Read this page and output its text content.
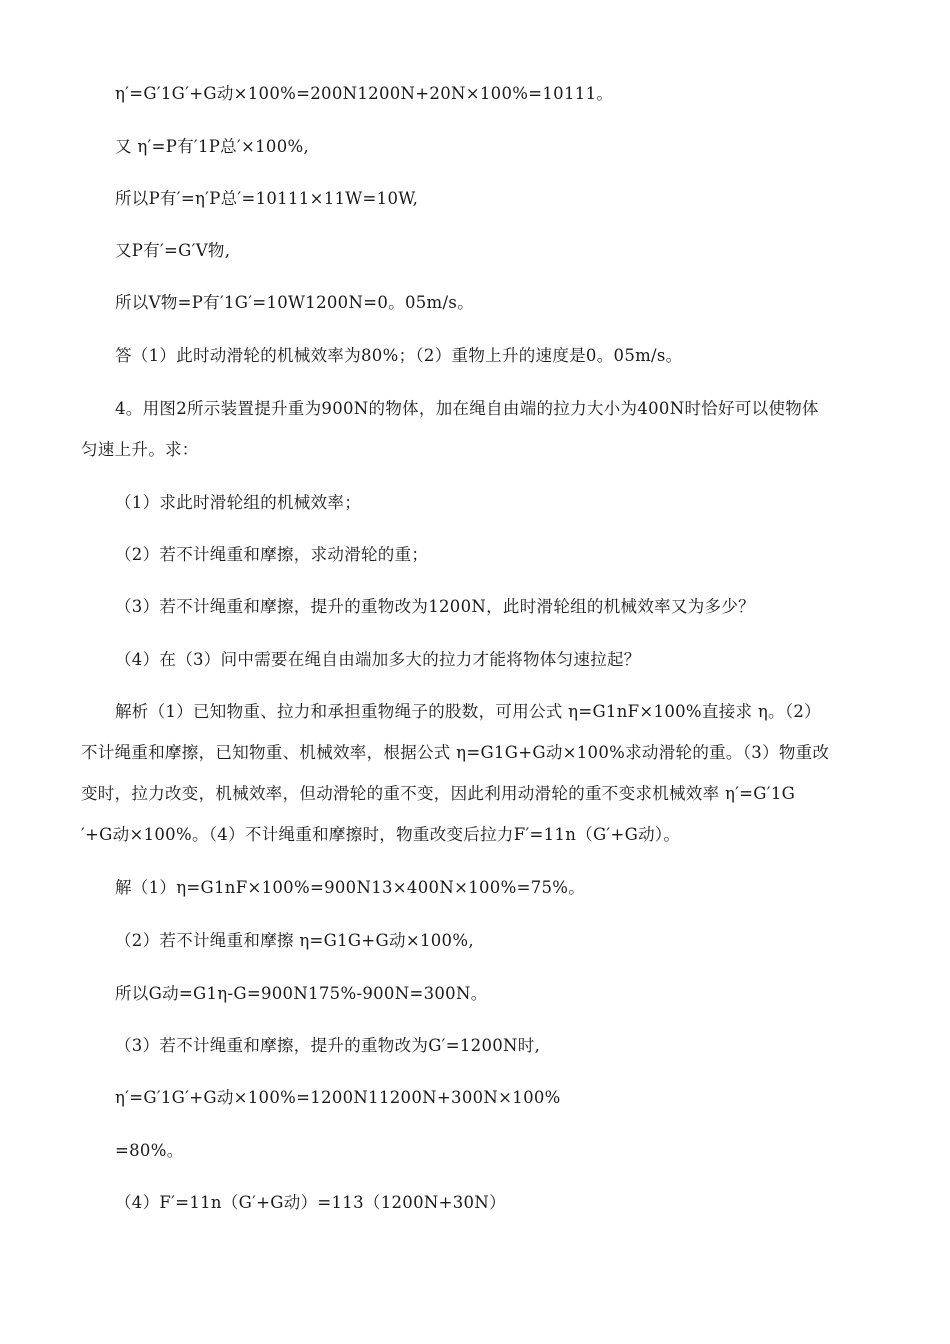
η′=G′1G′+G动×100%=200N1200N+20N×100%=10111。
又 η′=P有′1P总′×100%,
所以P有′=η′P总′=10111×11W=10W,
又P有′=G′V物,
所以V物=P有′1G′=10W1200N=0。05m/s。
答（1）此时动滑轮的机械效率为80%；（2）重物上升的速度是0。05m/s。
4。用图2所示装置提升重为900N的物体，加在绳自由端的拉力大小为400N时恰好可以使物体
匀速上升。求：
（1）求此时滑轮组的机械效率；
（2）若不计绳重和摩擦，求动滑轮的重；
（3）若不计绳重和摩擦，提升的重物改为1200N，此时滑轮组的机械效率又为多少？
（4）在（3）问中需要在绳自由端加多大的拉力才能将物体匀速拉起？
解析（1）已知物重、拉力和承担重物绳子的股数，可用公式 η=G1nF×100%直接求 η。（2）
不计绳重和摩擦，已知物重、机械效率，根据公式 η=G1G+G动×100%求动滑轮的重。（3）物重改
变时，拉力改变，机械效率，但动滑轮的重不变，因此利用动滑轮的重不变求机械效率 η′=G′1G
′+G动×100%。（4）不计绳重和摩擦时，物重改变后拉力F′=11n（G′+G动）。
解（1）η=G1nF×100%=900N13×400N×100%=75%。
（2）若不计绳重和摩擦 η=G1G+G动×100%,
所以G动=G1η-G=900N175%-900N=300N。
（3）若不计绳重和摩擦，提升的重物改为G′=1200N时,
η′=G′1G′+G动×100%=1200N11200N+300N×100%
=80%。
（4）F′=11n（G′+G动）=113（1200N+30N）
